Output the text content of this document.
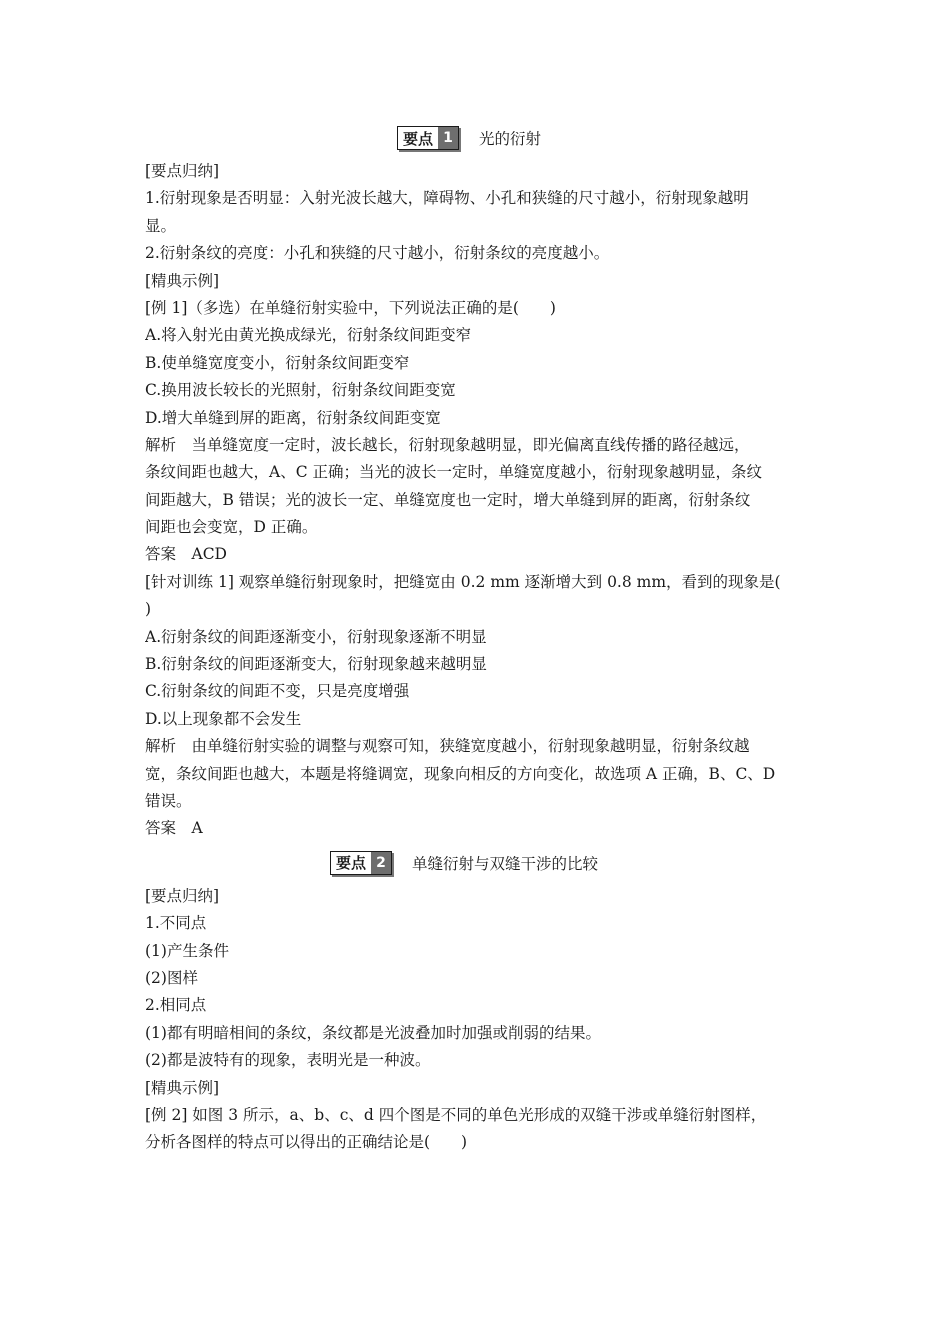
要点 1	光的衍射
[要点归纳]
1.衍射现象是否明显：入射光波长越大，障碍物、小孔和狭缝的尺寸越小，衍射现象越明
显。
2.衍射条纹的亮度：小孔和狭缝的尺寸越小，衍射条纹的亮度越小。
[精典示例]
[例 1]（多选）在单缝衍射实验中，下列说法正确的是(　　)
A.将入射光由黄光换成绿光，衍射条纹间距变窄
B.使单缝宽度变小，衍射条纹间距变窄
C.换用波长较长的光照射，衍射条纹间距变宽
D.增大单缝到屏的距离，衍射条纹间距变宽
解析　当单缝宽度一定时，波长越长，衍射现象越明显，即光偏离直线传播的路径越远，
条纹间距也越大，A、C 正确；当光的波长一定时，单缝宽度越小，衍射现象越明显，条纹
间距越大，B 错误；光的波长一定、单缝宽度也一定时，增大单缝到屏的距离，衍射条纹
间距也会变宽，D 正确。
答案　ACD
[针对训练 1] 观察单缝衍射现象时，把缝宽由 0.2 mm 逐渐增大到 0.8 mm，看到的现象是(
)
A.衍射条纹的间距逐渐变小，衍射现象逐渐不明显
B.衍射条纹的间距逐渐变大，衍射现象越来越明显
C.衍射条纹的间距不变，只是亮度增强
D.以上现象都不会发生
解析　由单缝衍射实验的调整与观察可知，狭缝宽度越小，衍射现象越明显，衍射条纹越
宽，条纹间距也越大，本题是将缝调宽，现象向相反的方向变化，故选项 A 正确，B、C、D
错误。
答案　A
要点 2	单缝衍射与双缝干涉的比较
[要点归纳]
1.不同点
(1)产生条件
(2)图样
2.相同点
(1)都有明暗相间的条纹，条纹都是光波叠加时加强或削弱的结果。
(2)都是波特有的现象，表明光是一种波。
[精典示例]
[例 2] 如图 3 所示，a、b、c、d 四个图是不同的单色光形成的双缝干涉或单缝衍射图样，
分析各图样的特点可以得出的正确结论是(　　)
